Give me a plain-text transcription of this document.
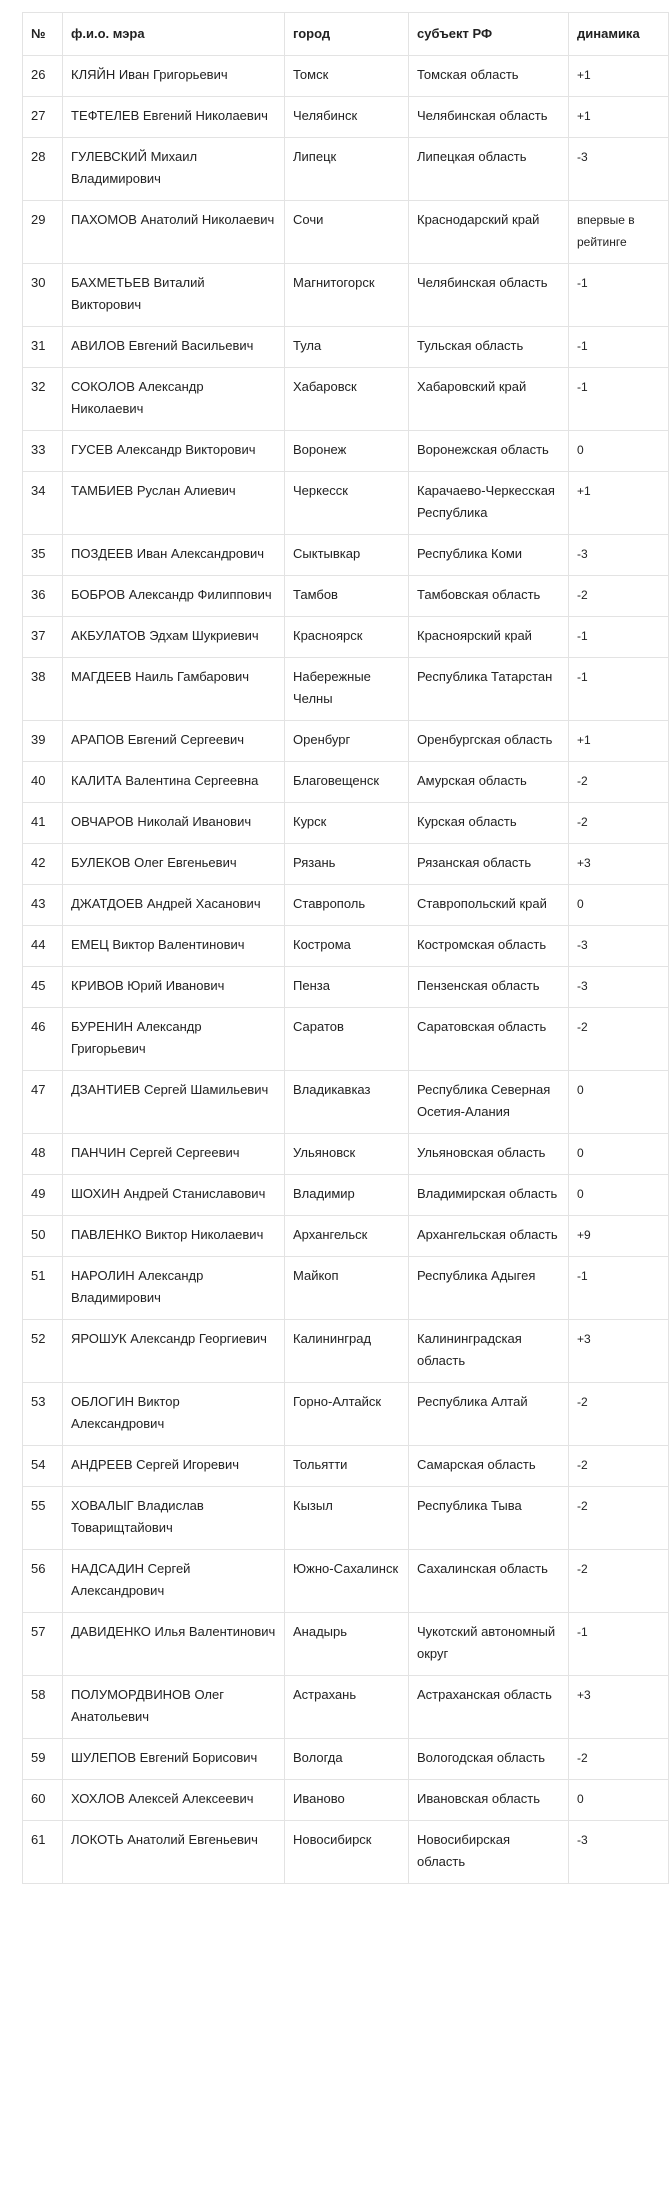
№	ф.и.о. мэра	город	субъект РФ	динамика
26	КЛЯЙН Иван Григорьевич	Томск	Томская область	+1
27	ТЕФТЕЛЕВ Евгений Николаевич	Челябинск	Челябинская область	+1
28	ГУЛЕВСКИЙ Михаил Владимирович	Липецк	Липецкая область	-3
29	ПАХОМОВ Анатолий Николаевич	Сочи	Краснодарский край	впервые в рейтинге
30	БАХМЕТЬЕВ Виталий Викторович	Магнитогорск	Челябинская область	-1
31	АВИЛОВ Евгений Васильевич	Тула	Тульская область	-1
32	СОКОЛОВ Александр Николаевич	Хабаровск	Хабаровский край	-1
33	ГУСЕВ Александр Викторович	Воронеж	Воронежская область	0
34	ТАМБИЕВ Руслан Алиевич	Черкесск	Карачаево-Черкесская Республика	+1
35	ПОЗДЕЕВ Иван Александрович	Сыктывкар	Республика Коми	-3
36	БОБРОВ Александр Филиппович	Тамбов	Тамбовская область	-2
37	АКБУЛАТОВ Эдхам Шукриевич	Красноярск	Красноярский край	-1
38	МАГДЕЕВ Наиль Гамбарович	Набережные Челны	Республика Татарстан	-1
39	АРАПОВ Евгений Сергеевич	Оренбург	Оренбургская область	+1
40	КАЛИТА Валентина Сергеевна	Благовещенск	Амурская область	-2
41	ОВЧАРОВ Николай Иванович	Курск	Курская область	-2
42	БУЛЕКОВ Олег Евгеньевич	Рязань	Рязанская область	+3
43	ДЖАТДОЕВ Андрей Хасанович	Ставрополь	Ставропольский край	0
44	ЕМЕЦ Виктор Валентинович	Кострома	Костромская область	-3
45	КРИВОВ Юрий Иванович	Пенза	Пензенская область	-3
46	БУРЕНИН Александр Григорьевич	Саратов	Саратовская область	-2
47	ДЗАНТИЕВ Сергей Шамильевич	Владикавказ	Республика Северная Осетия-Алания	0
48	ПАНЧИН Сергей Сергеевич	Ульяновск	Ульяновская область	0
49	ШОХИН Андрей Станиславович	Владимир	Владимирская область	0
50	ПАВЛЕНКО Виктор Николаевич	Архангельск	Архангельская область	+9
51	НАРОЛИН Александр Владимирович	Майкоп	Республика Адыгея	-1
52	ЯРОШУК Александр Георгиевич	Калининград	Калининградская область	+3
53	ОБЛОГИН Виктор Александрович	Горно-Алтайск	Республика Алтай	-2
54	АНДРЕЕВ Сергей Игоревич	Тольятти	Самарская область	-2
55	ХОВАЛЫГ Владислав Товарищтайович	Кызыл	Республика Тыва	-2
56	НАДСАДИН Сергей Александрович	Южно-Сахалинск	Сахалинская область	-2
57	ДАВИДЕНКО Илья Валентинович	Анадырь	Чукотский автономный округ	-1
58	ПОЛУМОРДВИНОВ Олег Анатольевич	Астрахань	Астраханская область	+3
59	ШУЛЕПОВ Евгений Борисович	Вологда	Вологодская область	-2
60	ХОХЛОВ Алексей Алексеевич	Иваново	Ивановская область	0
61	ЛОКОТЬ Анатолий Евгеньевич	Новосибирск	Новосибирская область	-3
